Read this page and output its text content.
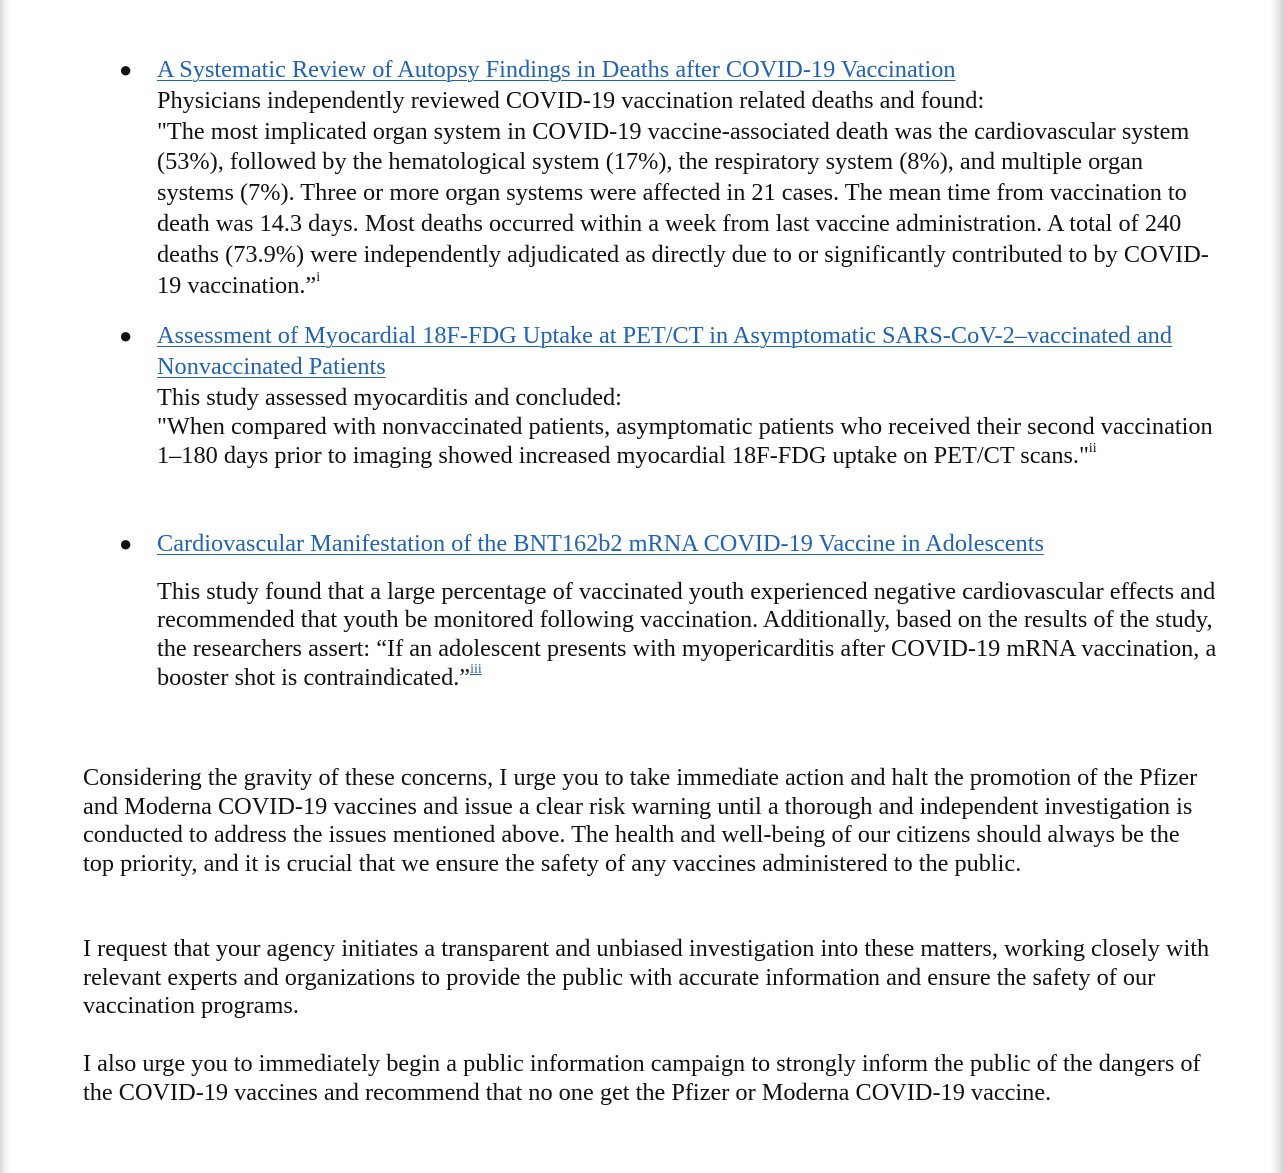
● A Systematic Review of Autopsy Findings in Deaths after COVID-19 Vaccination

Physicians independently reviewed COVID-19 vaccination related deaths and found:

"The most implicated organ system in COVID-19 vaccine-associated death was the cardiovascular system (53%), followed by the hematological system (17%), the respiratory system (8%), and multiple organ systems (7%). Three or more organ systems were affected in 21 cases. The mean time from vaccination to death was 14.3 days. Most deaths occurred within a week from last vaccine administration. A total of 240 deaths (73.9%) were independently adjudicated as directly due to or significantly contributed to by COVID-19 vaccination.”$^i$

● Assessment of Myocardial 18F-FDG Uptake at PET/CT in Asymptomatic SARS-CoV-2–vaccinated and Nonvaccinated Patients

This study assessed myocarditis and concluded:

"When compared with nonvaccinated patients, asymptomatic patients who received their second vaccination 1–180 days prior to imaging showed increased myocardial 18F-FDG uptake on PET/CT scans."$^{ii}$

● Cardiovascular Manifestation of the BNT162b2 mRNA COVID-19 Vaccine in Adolescents

This study found that a large percentage of vaccinated youth experienced negative cardiovascular effects and recommended that youth be monitored following vaccination. Additionally, based on the results of the study, the researchers assert: “If an adolescent presents with myopericarditis after COVID-19 mRNA vaccination, a booster shot is contraindicated.”$^{iii}$

Considering the gravity of these concerns, I urge you to take immediate action and halt the promotion of the Pfizer and Moderna COVID-19 vaccines and issue a clear risk warning until a thorough and independent investigation is conducted to address the issues mentioned above. The health and well-being of our citizens should always be the top priority, and it is crucial that we ensure the safety of any vaccines administered to the public.

I request that your agency initiates a transparent and unbiased investigation into these matters, working closely with relevant experts and organizations to provide the public with accurate information and ensure the safety of our vaccination programs.

I also urge you to immediately begin a public information campaign to strongly inform the public of the dangers of the COVID-19 vaccines and recommend that no one get the Pfizer or Moderna COVID-19 vaccine.
